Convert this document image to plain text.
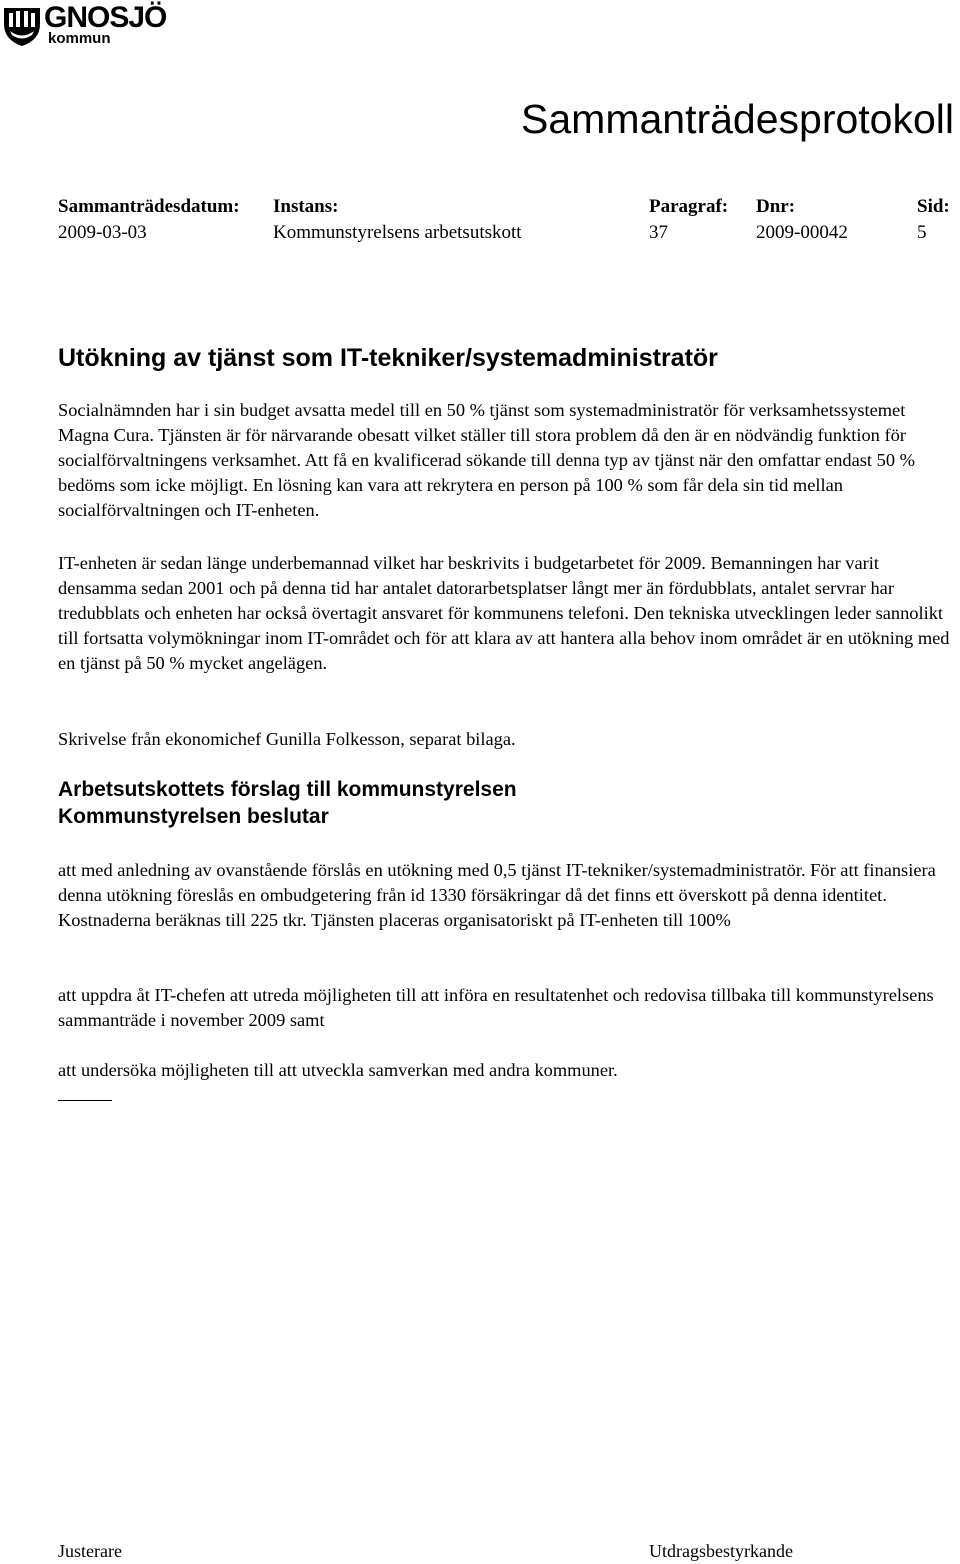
GNOSJÖ
kommun
Sammanträdesprotokoll
Sammanträdesdatum:
2009-03-03
Instans:
Kommunstyrelsens arbetsutskott
Paragraf:
37
Dnr:
2009-00042
Sid:
5
Utökning av tjänst som IT-tekniker/systemadministratör

Socialnämnden har i sin budget avsatta medel till en 50 % tjänst som systemadministratör för verksamhetssystemet Magna Cura. Tjänsten är för närvarande obesatt vilket ställer till stora problem då den är en nödvändig funktion för socialförvaltningens verksamhet. Att få en kvalificerad sökande till denna typ av tjänst när den omfattar endast 50 % bedöms som icke möjligt. En lösning kan vara att rekrytera en person på 100 % som får dela sin tid mellan socialförvaltningen och IT-enheten.

IT-enheten är sedan länge underbemannad vilket har beskrivits i budgetarbetet för 2009. Bemanningen har varit densamma sedan 2001 och på denna tid har antalet datorarbetsplatser långt mer än fördubblats, antalet servrar har tredubblats och enheten har också övertagit ansvaret för kommunens telefoni. Den tekniska utvecklingen leder sannolikt till fortsatta volymökningar inom IT-området och för att klara av att hantera alla behov inom området är en utökning med en tjänst på 50 % mycket angelägen.

Skrivelse från ekonomichef Gunilla Folkesson, separat bilaga.

Arbetsutskottets förslag till kommunstyrelsen
Kommunstyrelsen beslutar

att med anledning av ovanstående förslås en utökning med 0,5 tjänst IT-tekniker/systemadministratör. För att finansiera denna utökning föreslås en ombudgetering från id 1330 försäkringar då det finns ett överskott på denna identitet. Kostnaderna beräknas till 225 tkr. Tjänsten placeras organisatoriskt på IT-enheten till 100%

att uppdra åt IT-chefen att utreda möjligheten till att införa en resultatenhet och redovisa tillbaka till kommunstyrelsens sammanträde i november 2009 samt

att undersöka möjligheten till att utveckla samverkan med andra kommuner.

Justerare	Utdragsbestyrkande
